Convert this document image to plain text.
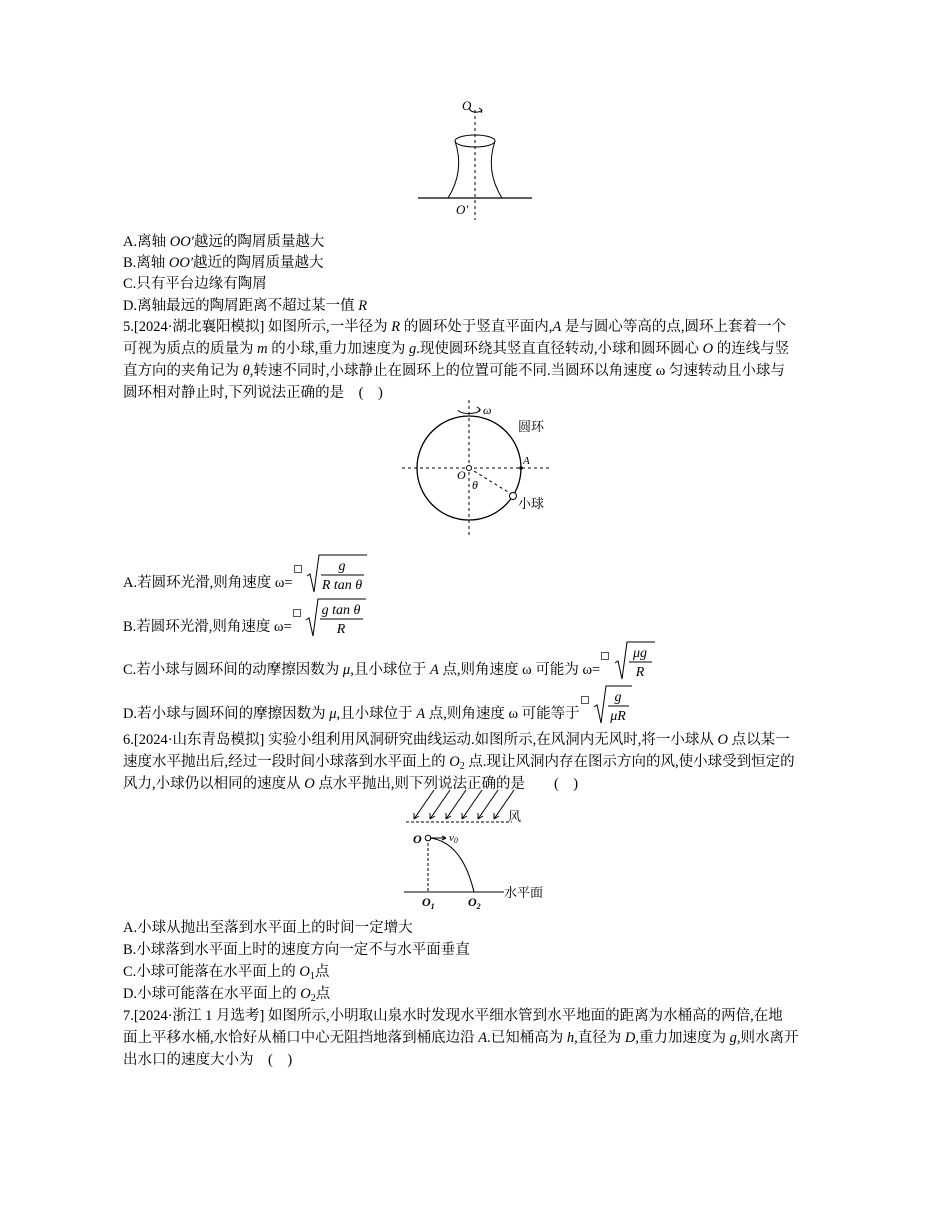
O
O′
A.离轴 OO′越远的陶屑质量越大
B.离轴 OO′越近的陶屑质量越大
C.只有平台边缘有陶屑
D.离轴最远的陶屑距离不超过某一值 R
5.[2024·湖北襄阳模拟] 如图所示,一半径为 R 的圆环处于竖直平面内,A 是与圆心等高的点,圆环上套着一个
可视为质点的质量为 m 的小球,重力加速度为 g.现使圆环绕其竖直直径转动,小球和圆环圆心 O 的连线与竖
直方向的夹角记为 θ,转速不同时,小球静止在圆环上的位置可能不同.当圆环以角速度 ω 匀速转动且小球与
圆环相对静止时,下列说法正确的是　(　)
ω
圆环
A
O
θ
小球
A.若圆环光滑,则角速度 ω=
g
R tan θ
B.若圆环光滑,则角速度 ω=
g tan θ
R
C.若小球与圆环间的动摩擦因数为 μ,且小球位于 A 点,则角速度 ω 可能为 ω=
μg
R
D.若小球与圆环间的摩擦因数为 μ,且小球位于 A 点,则角速度 ω 可能等于
g
μR
6.[2024·山东青岛模拟] 实验小组利用风洞研究曲线运动.如图所示,在风洞内无风时,将一小球从 O 点以某一
速度水平抛出后,经过一段时间小球落到水平面上的 $O_2$ 点.现让风洞内存在图示方向的风,使小球受到恒定的
风力,小球仍以相同的速度从 O 点水平抛出,则下列说法正确的是　　(　)
风
O v0
$O_1$	$O_2$
水平面
A.小球从抛出至落到水平面上的时间一定增大
B.小球落到水平面上时的速度方向一定不与水平面垂直
C.小球可能落在水平面上的 $O_1$点
D.小球可能落在水平面上的 $O_2$点
7.[2024·浙江 1 月选考] 如图所示,小明取山泉水时发现水平细水管到水平地面的距离为水桶高的两倍,在地
面上平移水桶,水恰好从桶口中心无阻挡地落到桶底边沿 A.已知桶高为 h,直径为 D,重力加速度为 g,则水离开
出水口的速度大小为　(　)
